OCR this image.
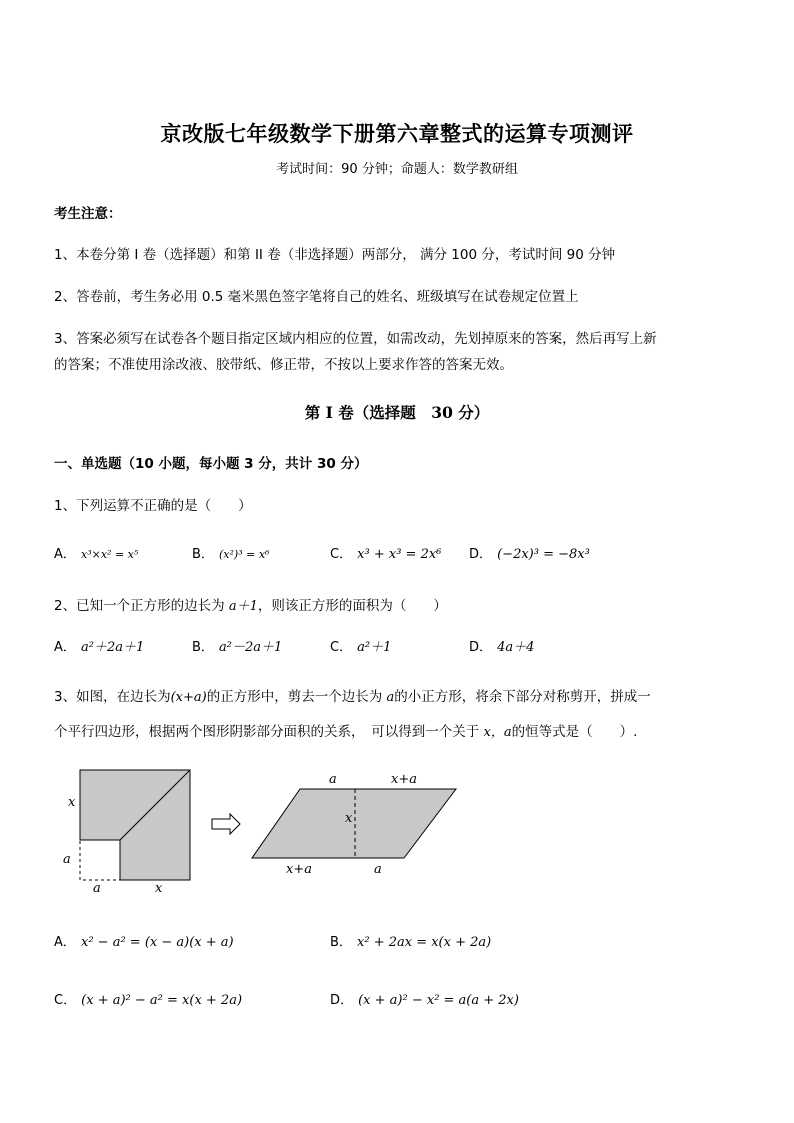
京改版七年级数学下册第六章整式的运算专项测评
考试时间：90 分钟；命题人：数学教研组
考生注意：
1、本卷分第 I 卷（选择题）和第 II 卷（非选择题）两部分， 满分 100 分，考试时间 90 分钟
2、答卷前，考生务必用 0.5 毫米黑色签字笔将自己的姓名、班级填写在试卷规定位置上
3、答案必须写在试卷各个题目指定区域内相应的位置，如需改动，先划掉原来的答案，然后再写上新
的答案；不准使用涂改液、胶带纸、修正带，不按以上要求作答的答案无效。
第 I 卷（选择题　30 分）
一、单选题（10 小题，每小题 3 分，共计 30 分）
1、下列运算不正确的是（　　）
A． x³×x² = x⁵	B． (x²)³ = x⁶	C． x³ + x³ = 2x⁶ D． (−2x)³ = −8x³
2、已知一个正方形的边长为 a＋1，则该正方形的面积为（　　）
A． a²＋2a＋1	B． a²－2a＋1	C． a²＋1	D． 4a＋4
3、如图，在边长为(x+a)的正方形中，剪去一个边长为 a的小正方形，将余下部分对称剪开，拼成一
个平行四边形，根据两个图形阴影部分面积的关系，　可以得到一个关于 x，a的恒等式是（　　）.
x
a
a	x
a	x+a
x
x+a	a
A． x² − a² = (x − a)(x + a)	B． x² + 2ax = x(x + 2a)
C． (x + a)² − a² = x(x + 2a)	D． (x + a)² − x² = a(a + 2x)
